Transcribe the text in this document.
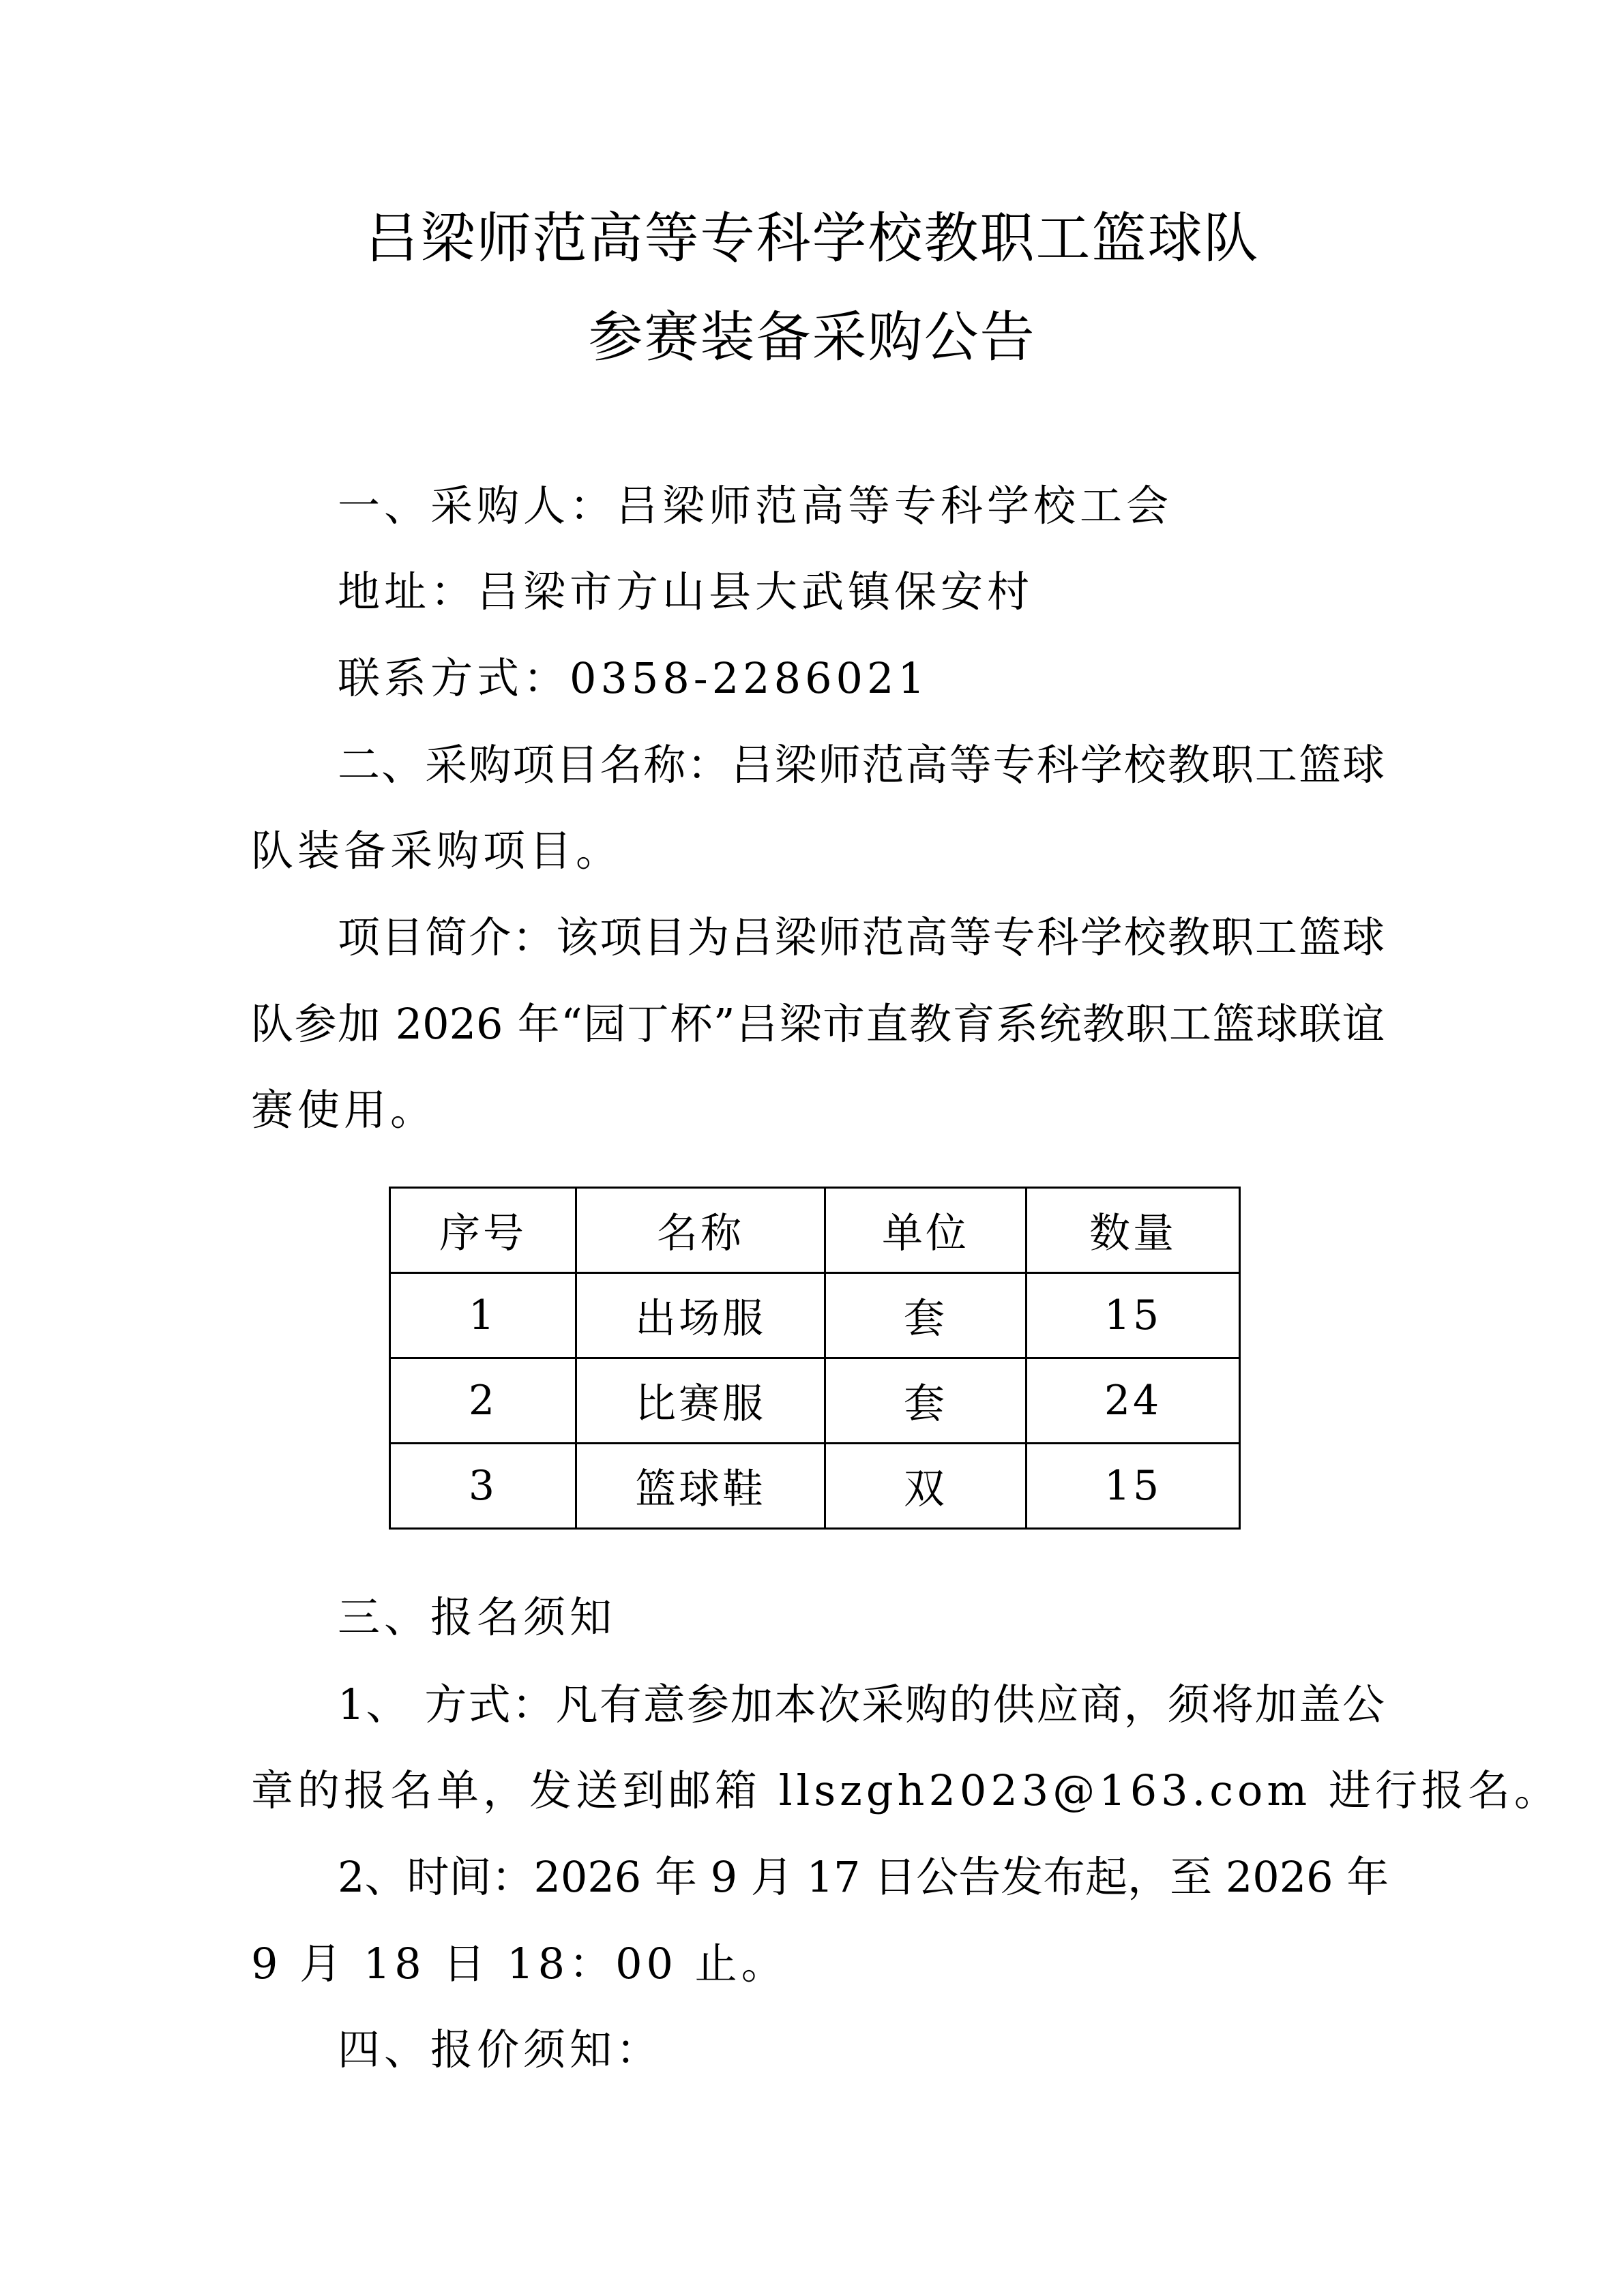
吕梁师范高等专科学校教职工篮球队
参赛装备采购公告
一、采购人：吕梁师范高等专科学校工会
地址：吕梁市方山县大武镇保安村
联系方式：0358-2286021
二、采购项目名称：吕梁师范高等专科学校教职工篮球
队装备采购项目。
项目简介：该项目为吕梁师范高等专科学校教职工篮球
队参加 2026 年“园丁杯”吕梁市直教育系统教职工篮球联谊
赛使用。
序号	名称	单位	数量
1	出场服	套	15
2	比赛服	套	24
3	篮球鞋	双	15
三、报名须知
1、 方式：凡有意参加本次采购的供应商，须将加盖公
章的报名单，发送到邮箱 llszgh2023@163.com 进行报名。
2、时间：2026 年 9 月 17 日公告发布起，至 2026 年
9 月 18 日 18：00 止。
四、报价须知：
